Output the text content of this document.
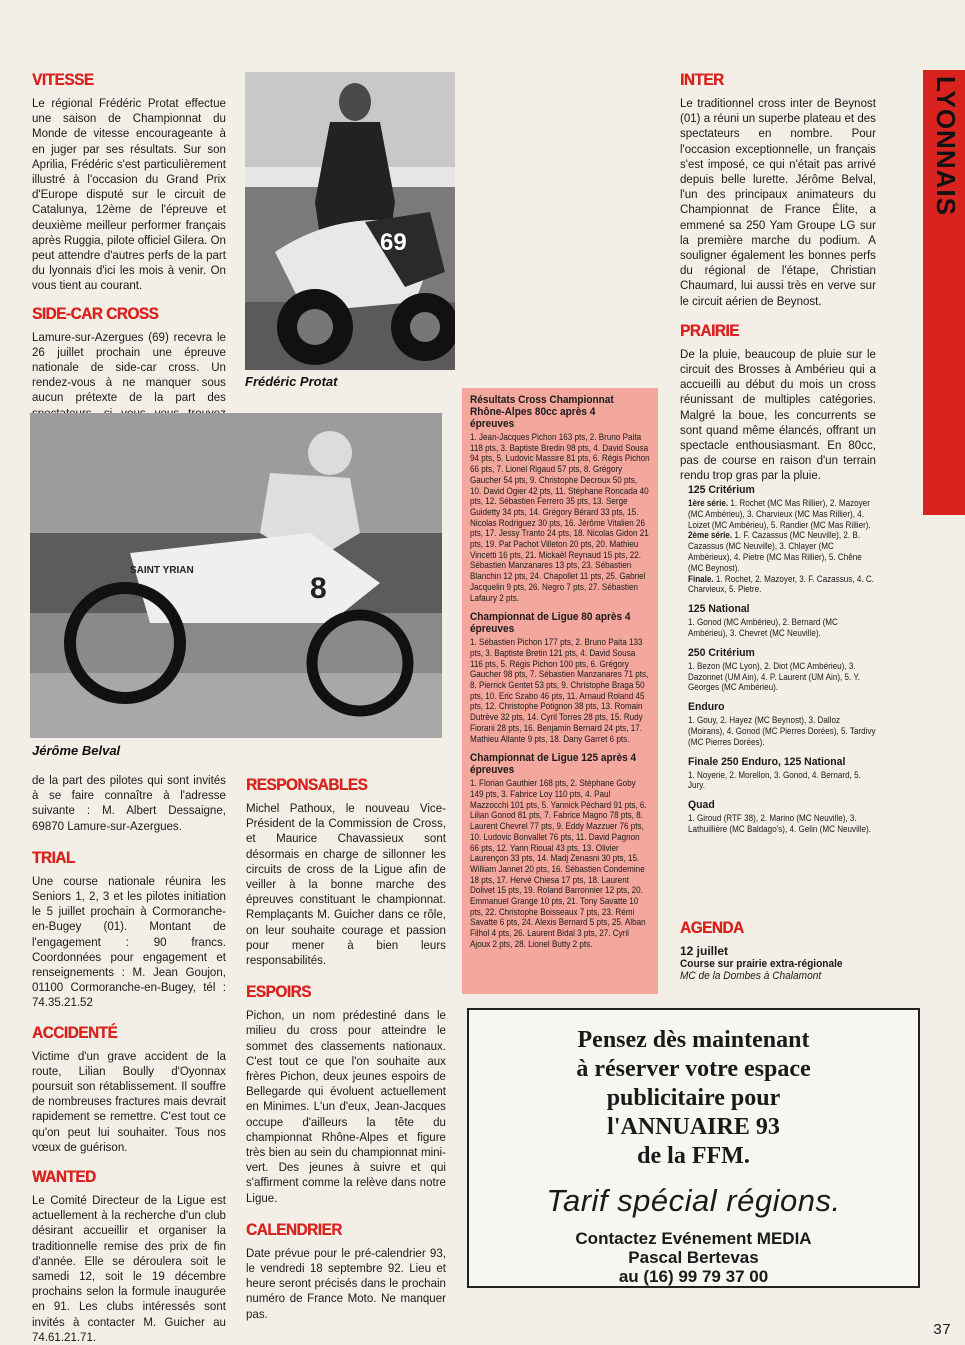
LYONNAIS
VITESSE
Le régional Frédéric Protat effectue une saison de Championnat du Monde de vitesse encourageante à en juger par ses résultats. Sur son Aprilia, Frédéric s'est particulièrement illustré à l'occasion du Grand Prix d'Europe disputé sur le circuit de Catalunya, 12ème de l'épreuve et deuxième meilleur performer français après Ruggia, pilote officiel Gilera. On peut attendre d'autres perfs de la part du lyonnais d'ici les mois à venir. On vous tient au courant.
SIDE-CAR CROSS
Lamure-sur-Azergues (69) recevra le 26 juillet prochain une épreuve nationale de side-car cross. Un rendez-vous à ne manquer sous aucun prétexte de la part des
69
Frédéric Protat
SAINT YRIAN
8
Jérôme Belval
de la part des pilotes qui sont invités à se faire connaître à l'adresse suivante : M. Albert Dessaigne, 69870 Lamure-sur-Azergues.
TRIAL
Une course nationale réunira les Seniors 1, 2, 3 et les pilotes initiation le 5 juillet prochain à Cormoranche-en-Bugey (01). Montant de l'engagement : 90 francs. Coordonnées pour engagement et renseignements : M. Jean Goujon, 01100 Cormoranche-en-Bugey, tél : 74.35.21.52
ACCIDENTÉ
Victime d'un grave accident de la route, Lilian Boully d'Oyonnax poursuit son rétablissement. Il souffre de nombreuses fractures mais devrait rapidement se remettre. C'est tout ce qu'on peut lui souhaiter. Tous nos vœux de guérison.
WANTED
Le Comité Directeur de la Ligue est actuellement à la recherche d'un club désirant accueillir et organiser la traditionnelle remise des prix de fin d'année. Elle se déroulera soit le samedi 12, soit le 19 décembre prochains selon la formule inaugurée en 91. Les clubs intéressés sont invités à contacter M. Guicher au 74.61.21.71.
RESPONSABLES
Michel Pathoux, le nouveau Vice-Président de la Commission de Cross, et Maurice Chavassieux sont désormais en charge de sillonner les circuits de cross de la Ligue afin de veiller à la bonne marche des épreuves constituant le championnat. Remplaçants M. Guicher dans ce rôle, on leur souhaite courage et passion pour mener à bien leurs responsabilités.
ESPOIRS
Pichon, un nom prédestiné dans le milieu du cross pour atteindre le sommet des classements nationaux. C'est tout ce que l'on souhaite aux frères Pichon, deux jeunes espoirs de Bellegarde qui évoluent actuellement en Minimes. L'un d'eux, Jean-Jacques occupe d'ailleurs la tête du championnat Rhône-Alpes et figure très bien au sein du championnat mini-vert. Des jeunes à suivre et qui s'affirment comme la relève dans notre Ligue.
CALENDRIER
Date prévue pour le pré-calendrier 93, le vendredi 18 septembre 92. Lieu et heure seront précisés dans le prochain numéro de France Moto. Ne manquer pas.
Résultats Cross Championnat Rhône-Alpes 80cc après 4 épreuves
1. Jean-Jacques Pichon 163 pts, 2. Bruno Paita 118 pts, 3. Baptiste Bredin 98 pts, 4. David Sousa 94 pts, 5. Ludovic Massire 81 pts, 6. Régis Pichon 66 pts, 7. Lionel Rigaud 57 pts, 8. Grégory Gaucher 54 pts, 9. Christophe Decroux 50 pts, 10. David Ogier 42 pts, 11. Stéphane Roncada 40 pts, 12. Sébastien Ferrero 35 pts, 13. Serge Guidetty 34 pts, 14. Grégory Bérard 33 pts, 15. Nicolas Rodriguez 30 pts, 16. Jérôme Vitalien 26 pts, 17. Jessy Tranto 24 pts, 18. Nicolas Gidon 21 pts, 19. Pat Pachot Villeton 20 pts, 20. Mathieu Vincetti 16 pts, 21. Mickaël Reynaud 15 pts, 22. Sébastien Manzanares 13 pts, 23. Sébastien Blanchin 12 pts, 24. Chapollet 11 pts, 25. Gabriel Jacquelin 9 pts, 26. Negro 7 pts, 27. Sébastien Lafaury 2 pts.
Championnat de Ligue 80 après 4 épreuves
1. Sébastien Pichon 177 pts, 2. Bruno Paita 133 pts, 3. Baptiste Bretin 121 pts, 4. David Sousa 116 pts, 5. Régis Pichon 100 pts, 6. Grégory Gaucher 98 pts, 7. Sébastien Manzanares 71 pts, 8. Pierrick Gentet 53 pts, 9. Christophe Braga 50 pts, 10. Eric Szabo 46 pts, 11. Arnaud Roland 45 pts, 12. Christophe Potignon 38 pts, 13. Romain Dutrève 32 pts, 14. Cyril Torres 28 pts, 15. Rudy Fiorani 28 pts, 16. Benjamin Bernard 24 pts, 17. Mathieu Allante 9 pts, 18. Dany Garret 6 pts.
Championnat de Ligue 125 après 4 épreuves
1. Florian Gauthier 168 pts, 2. Stéphane Goby 149 pts, 3. Fabrice Loy 110 pts, 4. Paul Mazzocchi 101 pts, 5. Yannick Péchard 91 pts, 6. Lilian Gonod 81 pts, 7. Fabrice Magno 78 pts, 8. Laurent Chevrel 77 pts, 9. Eddy Mazzuer 76 pts, 10. Ludovic Bonvallet 76 pts, 11. David Pagnon 66 pts, 12. Yann Rioual 43 pts, 13. Olivier Laurençon 33 pts, 14. Madj Zenasni 30 pts, 15. William Jannet 20 pts, 16. Sébastien Condemine 18 pts, 17. Hervé Chiesa 17 pts, 18. Laurent Dolivet 15 pts, 19. Roland Barronnier 12 pts, 20. Emmanuel Grange 10 pts, 21. Tony Savatte 10 pts, 22. Christophe Boisseaux 7 pts, 23. Rémi Savatte 6 pts, 24. Alexis Bernard 5 pts, 25. Alban Filhol 4 pts, 26. Laurent Bidal 3 pts, 27. Cyril Ajoux 2 pts, 28. Lionel Butty 2 pts.
INTER
Le traditionnel cross inter de Beynost (01) a réuni un superbe plateau et des spectateurs en nombre. Pour l'occasion exceptionnelle, un français s'est imposé, ce qui n'était pas arrivé depuis belle lurette. Jérôme Belval, l'un des principaux animateurs du Championnat de France Élite, a emmené sa 250 Yam Groupe LG sur la première marche du podium. A souligner également les bonnes perfs du régional de l'étape, Christian Chaumard, lui aussi très en verve sur le circuit aérien de Beynost.
PRAIRIE
De la pluie, beaucoup de pluie sur le circuit des Brosses à Ambérieu qui a accueilli au début du mois un cross réunissant de multiples catégories. Malgré la boue, les concurrents se sont quand même élancés, offrant un spectacle enthousiasmant. En 80cc, pas de course en raison d'un terrain rendu trop gras par la pluie.
125 Critérium
1ère série. 1. Rochet (MC Mas Rillier), 2. Mazoyer (MC Ambérieu), 3. Charvieux (MC Mas Rillier), 4. Loizet (MC Ambérieu), 5. Randier (MC Mas Rillier).
2ème série. 1. F. Cazassus (MC Neuville), 2. B. Cazassus (MC Neuville), 3. Chlayer (MC Ambérieux), 4. Pietre (MC Mas Rillier), 5. Chêne (MC Beynost).
Finale. 1. Rochet, 2. Mazoyer, 3. F. Cazassus, 4. C. Charvieux, 5. Pietre.
125 National
1. Gonod (MC Ambérieu), 2. Bernard (MC Ambérieu), 3. Chevret (MC Neuville).
250 Critérium
1. Bezon (MC Lyon), 2. Diot (MC Ambérieu), 3. Dazonnet (UM Ain), 4. P. Laurent (UM Ain), 5. Y. Georges (MC Ambérieu).
Enduro
1. Gouy, 2. Hayez (MC Beynost), 3. Dalloz (Moirans), 4. Gonod (MC Pierres Dorées), 5. Tardivy (MC Pierres Dorées).
Finale 250 Enduro, 125 National
1. Noyerie, 2. Morellon, 3. Gonod, 4. Bernard, 5. Jury.
Quad
1. Giroud (RTF 38), 2. Marino (MC Neuville), 3. Lathuillière (MC Baldago's), 4. Gelin (MC Neuville).
AGENDA
12 juillet
Course sur prairie extra-régionale
MC de la Dombes à Chalamont
Pensez dès maintenant
à réserver votre espace
publicitaire pour
l'ANNUAIRE 93
de la FFM.
Tarif spécial régions.
Contactez Evénement MEDIA
Pascal Bertevas
au (16) 99 79 37 00
37
